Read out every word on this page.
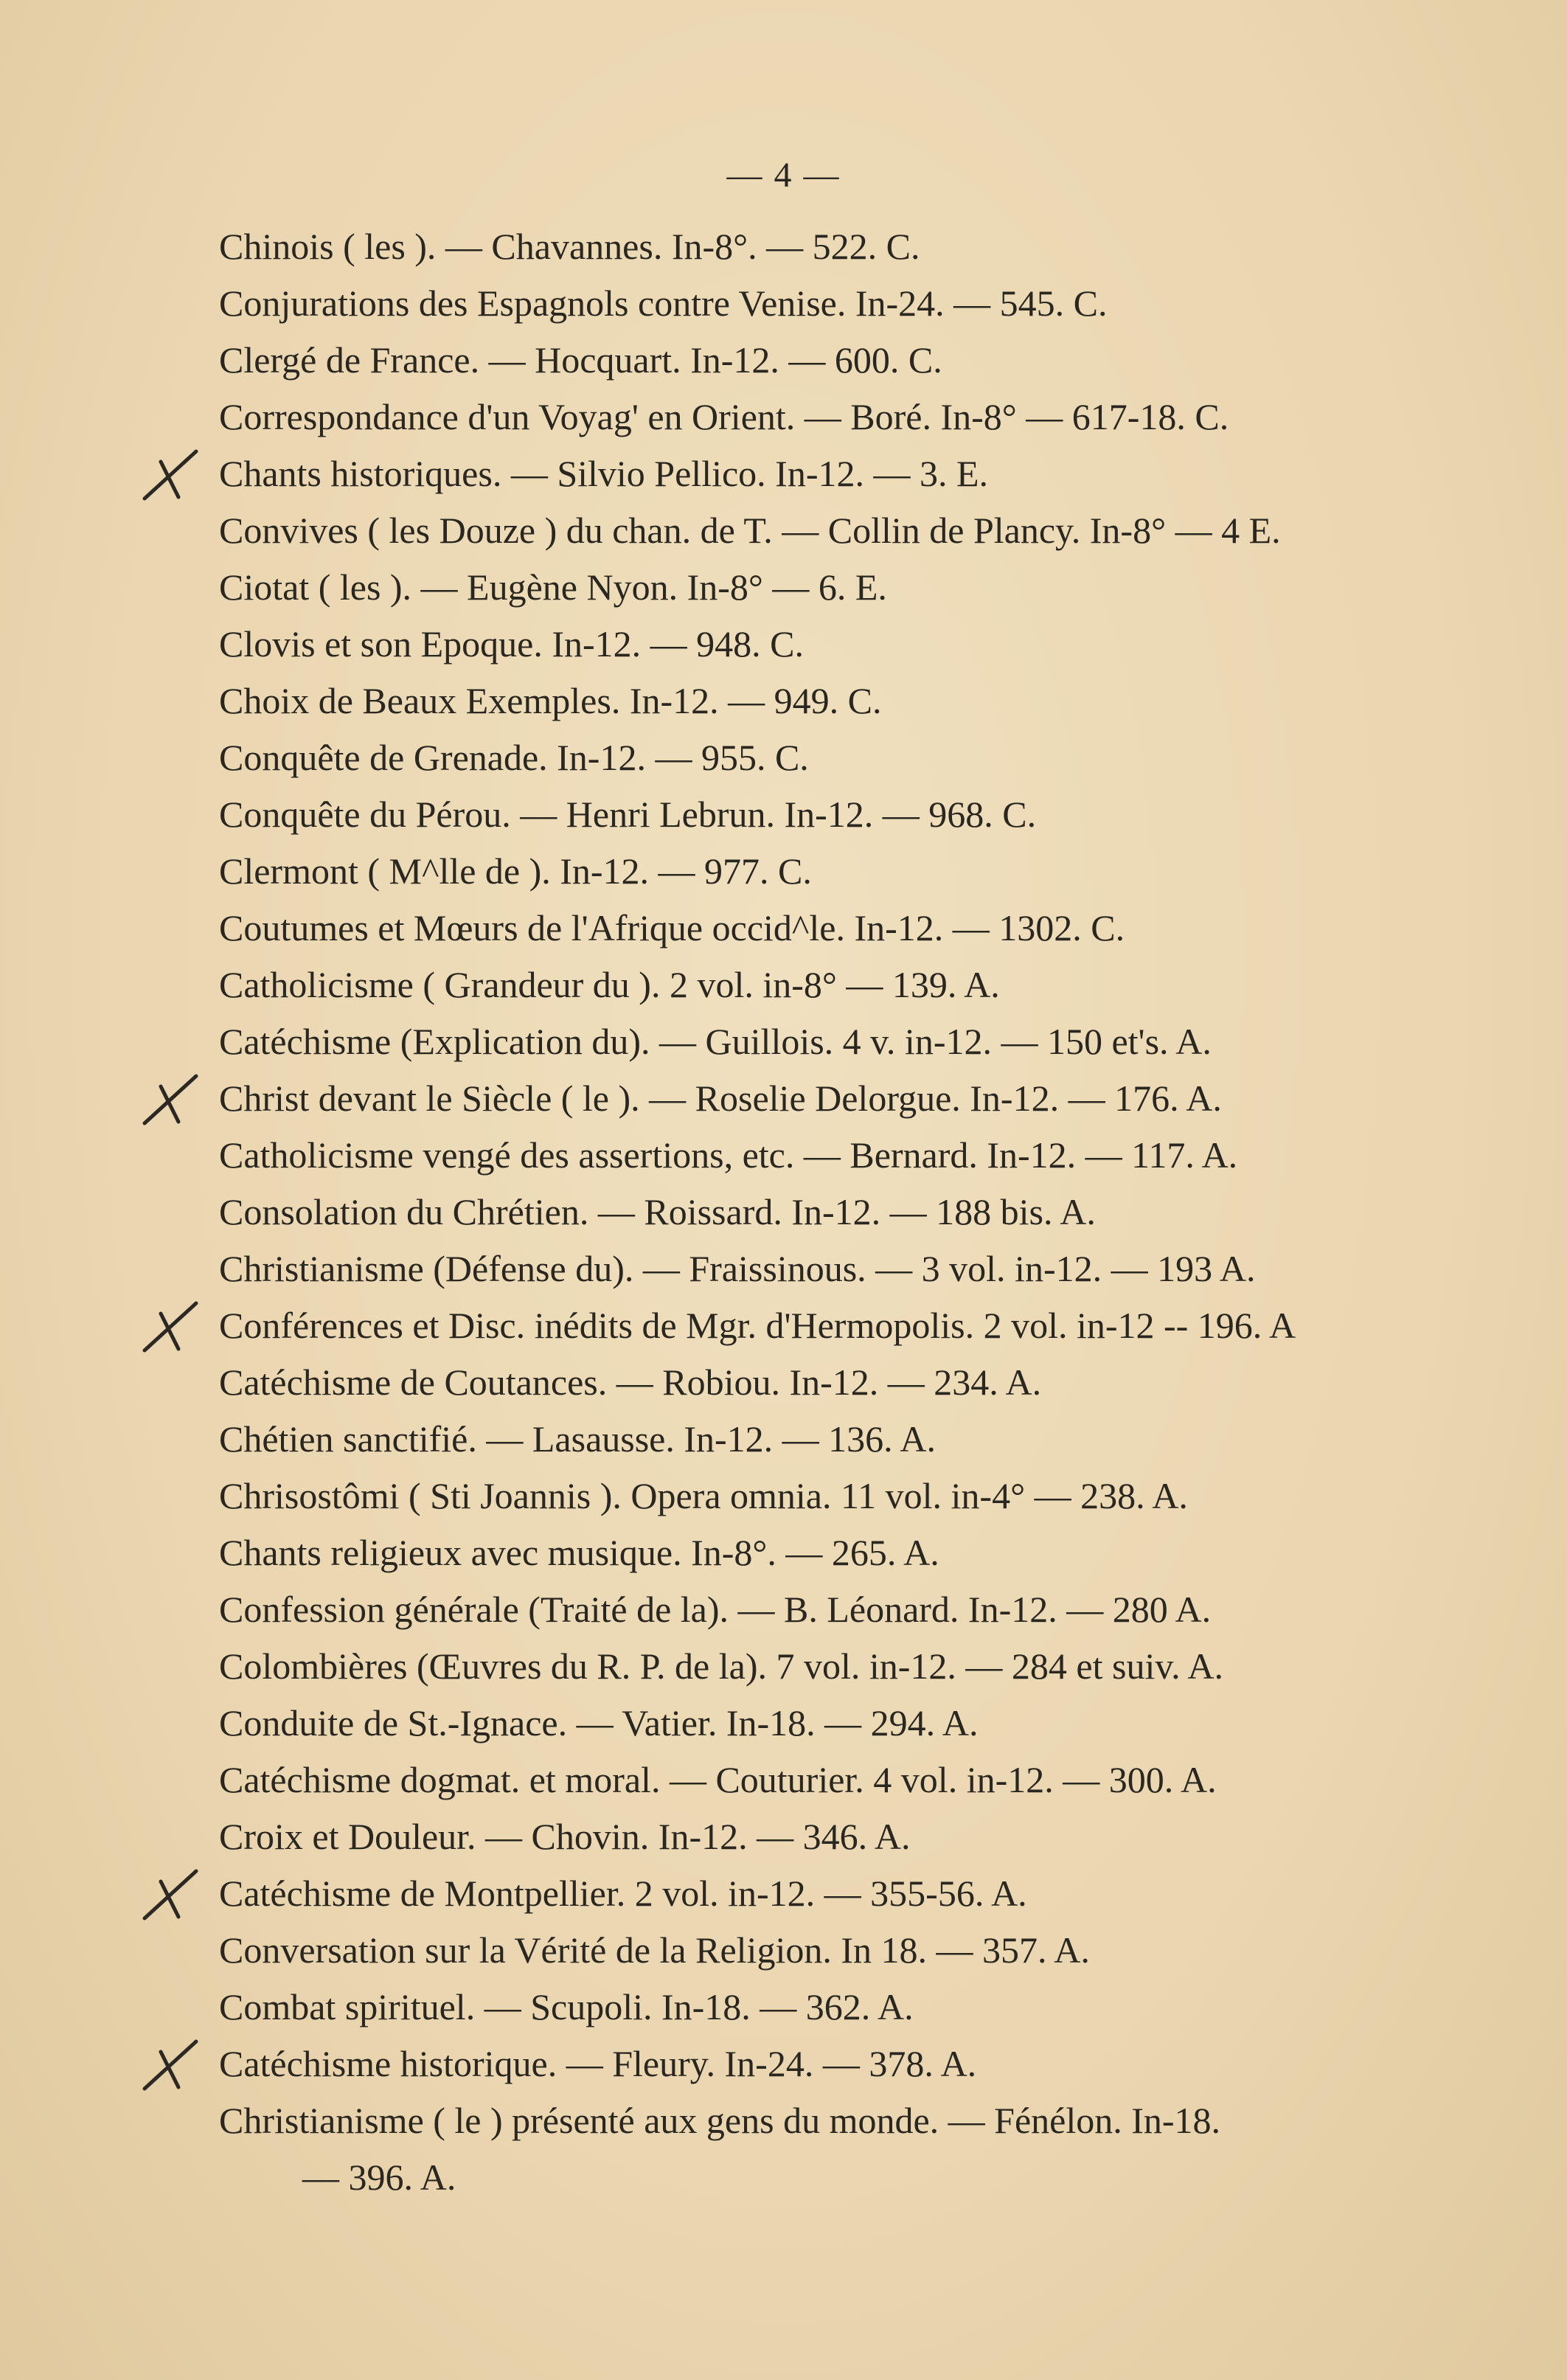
— 4 —
Chinois ( les ). — Chavannes. In-8°. — 522. C.
Conjurations des Espagnols contre Venise. In-24. — 545. C.
Clergé de France. — Hocquart. In-12. — 600. C.
Correspondance d'un Voyag' en Orient. — Boré. In-8° — 617-18. C.
Chants historiques. — Silvio Pellico. In-12. — 3. E.
Convives ( les Douze ) du chan. de T. — Collin de Plancy. In-8° — 4 E.
Ciotat ( les ). — Eugène Nyon. In-8° — 6. E.
Clovis et son Epoque. In-12. — 948. C.
Choix de Beaux Exemples. In-12. — 949. C.
Conquête de Grenade. In-12. — 955. C.
Conquête du Pérou. — Henri Lebrun. In-12. — 968. C.
Clermont ( M^lle de ). In-12. — 977. C.
Coutumes et Mœurs de l'Afrique occid^le. In-12. — 1302. C.
Catholicisme ( Grandeur du ). 2 vol. in-8° — 139. A.
Catéchisme (Explication du). — Guillois. 4 v. in-12. — 150 et's. A.
Christ devant le Siècle ( le ). — Roselie Delorgue. In-12. — 176. A.
Catholicisme vengé des assertions, etc. — Bernard. In-12. — 117. A.
Consolation du Chrétien. — Roissard. In-12. — 188 bis. A.
Christianisme (Défense du). — Fraissinous. — 3 vol. in-12. — 193 A.
Conférences et Disc. inédits de Mgr. d'Hermopolis. 2 vol. in-12 -- 196. A
Catéchisme de Coutances. — Robiou. In-12. — 234. A.
Chétien sanctifié. — Lasausse. In-12. — 136. A.
Chrisostômi ( Sti Joannis ). Opera omnia. 11 vol. in-4° — 238. A.
Chants religieux avec musique. In-8°. — 265. A.
Confession générale (Traité de la). — B. Léonard. In-12. — 280 A.
Colombières (Œuvres du R. P. de la). 7 vol. in-12. — 284 et suiv. A.
Conduite de St.-Ignace. — Vatier. In-18. — 294. A.
Catéchisme dogmat. et moral. — Couturier. 4 vol. in-12. — 300. A.
Croix et Douleur. — Chovin. In-12. — 346. A.
Catéchisme de Montpellier. 2 vol. in-12. — 355-56. A.
Conversation sur la Vérité de la Religion. In 18. — 357. A.
Combat spirituel. — Scupoli. In-18. — 362. A.
Catéchisme historique. — Fleury. In-24. — 378. A.
Christianisme ( le ) présenté aux gens du monde. — Fénélon. In-18.
— 396. A.
